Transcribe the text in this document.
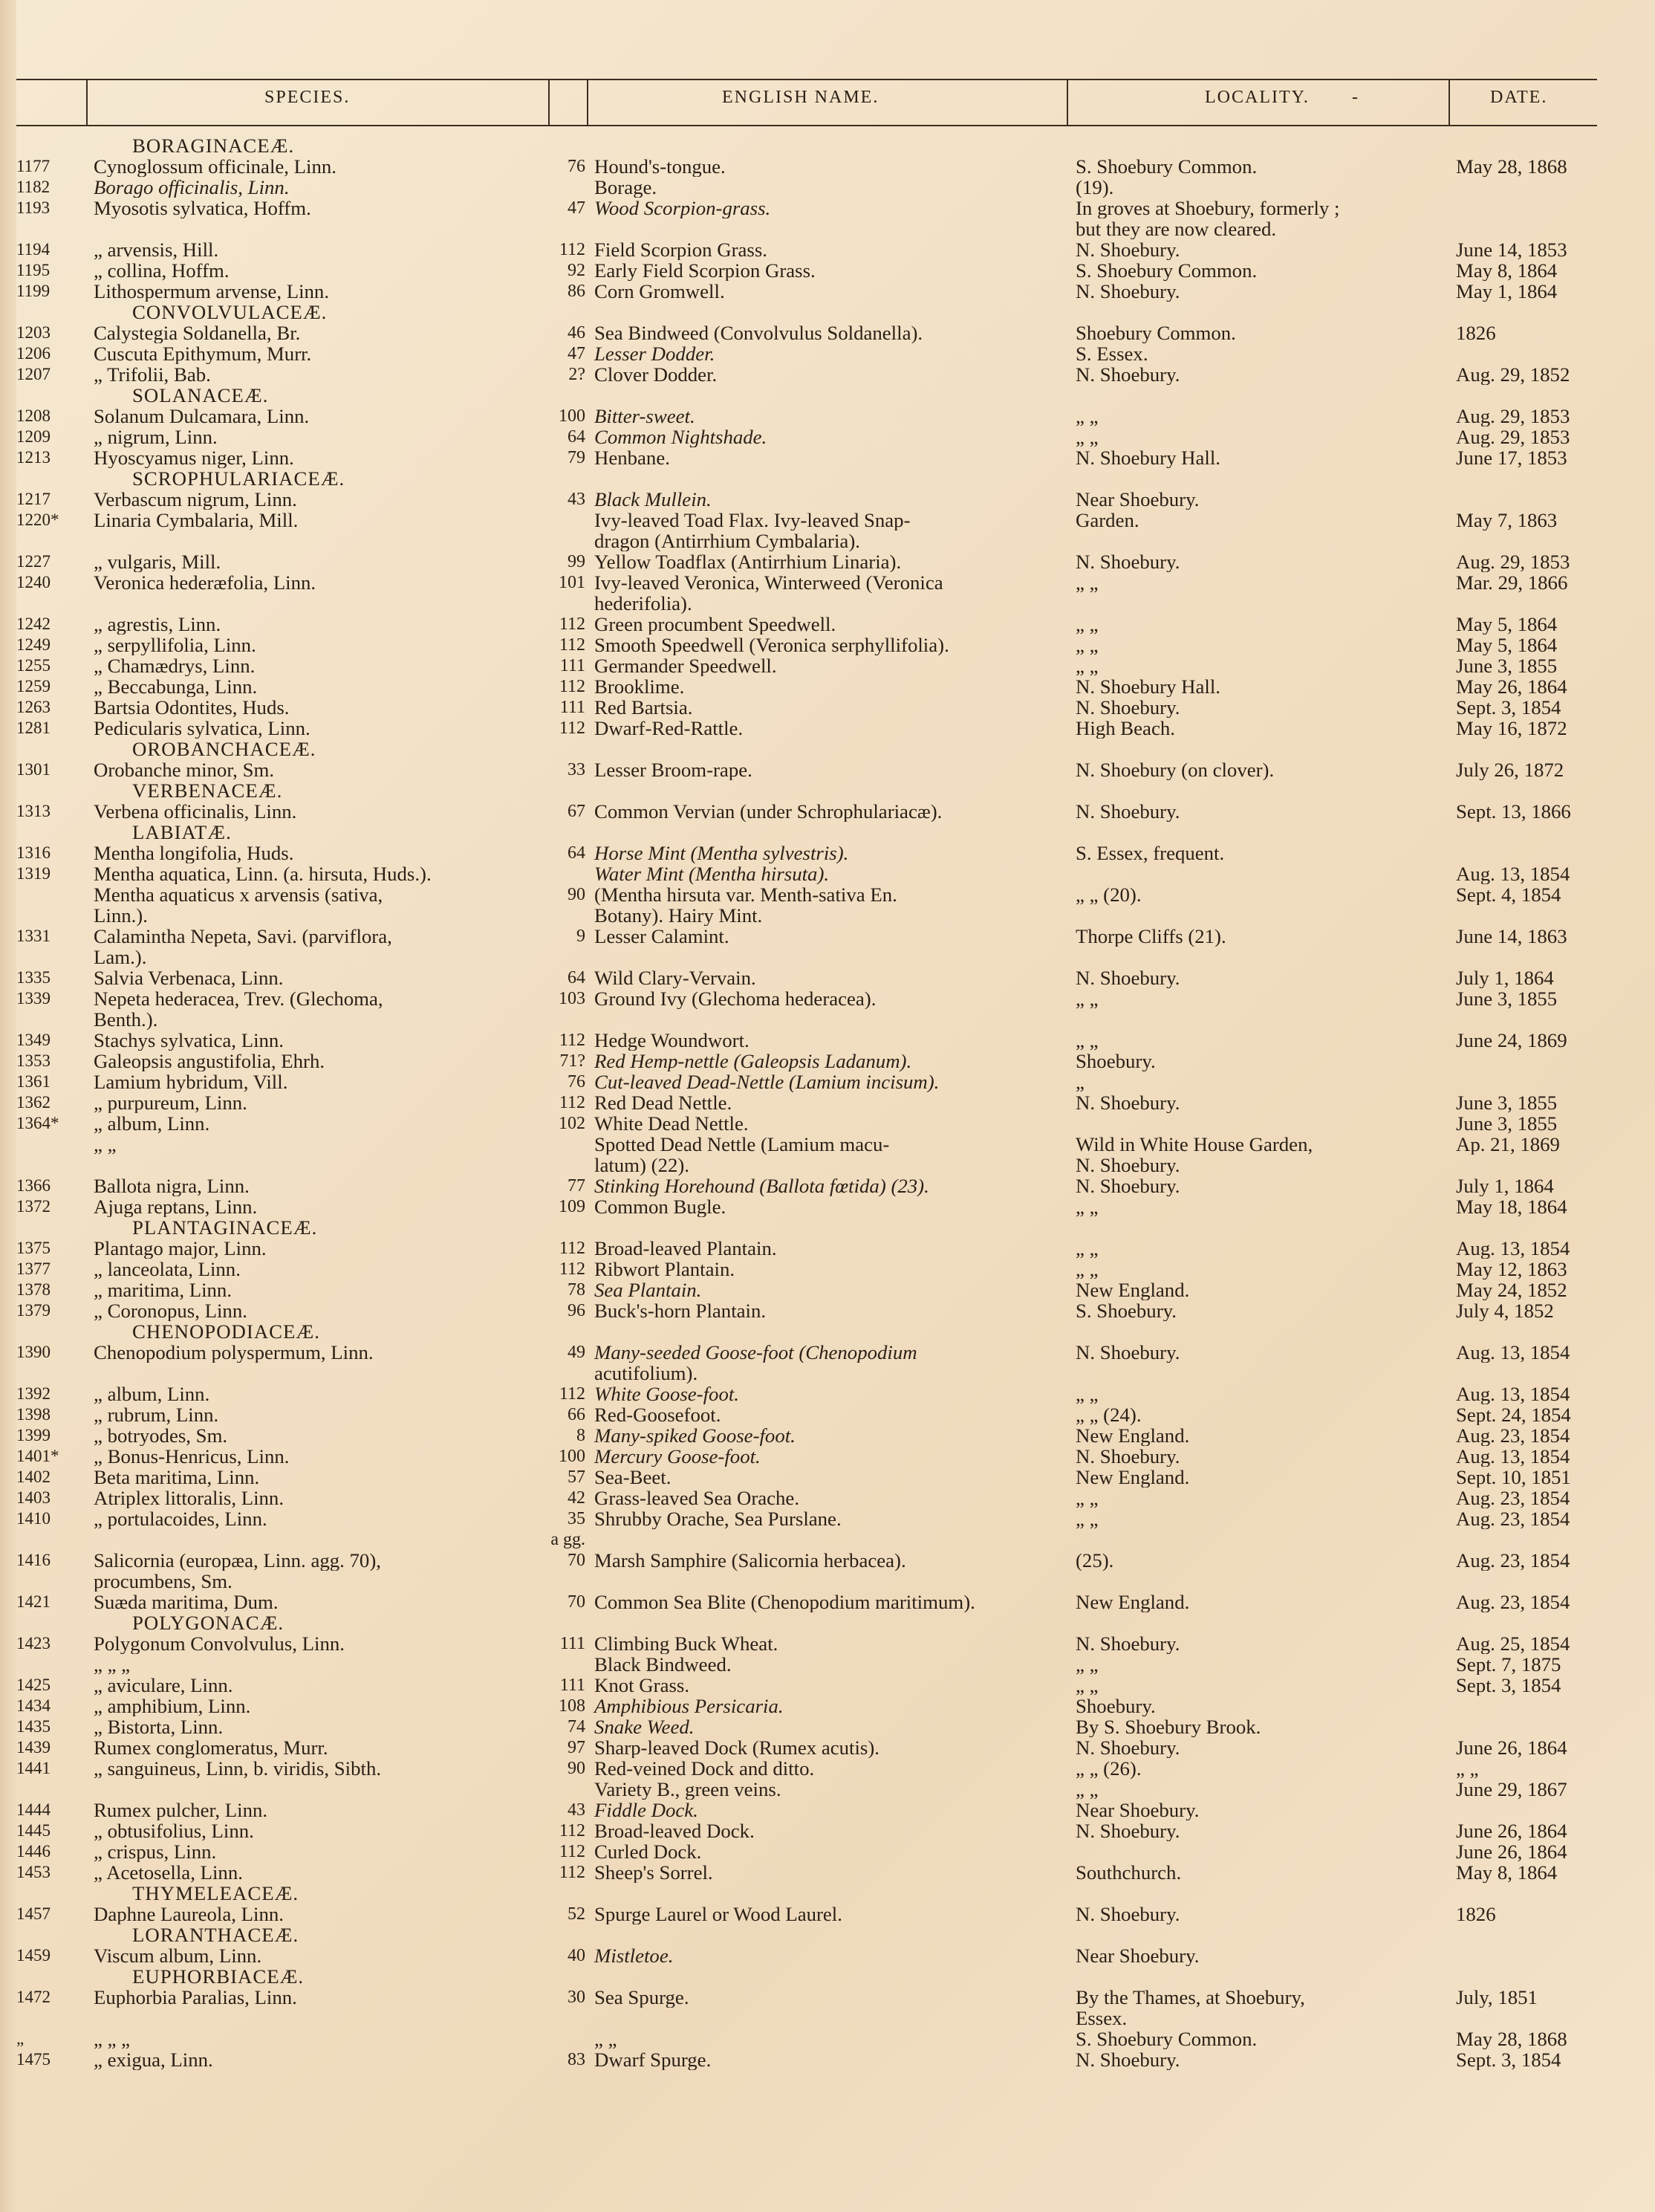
SPECIES.	ENGLISH NAME.	LOCALITY. -	DATE.
	BORAGINACEÆ.				
1177	Cynoglossum officinale, Linn.	76	Hound's-tongue.	S. Shoebury Common.	May 28, 1868
1182	Borago officinalis, Linn.		Borage.	(19).	
1193	Myosotis sylvatica, Hoffm.	47	Wood Scorpion-grass.	In groves at Shoebury, formerly ;	
				but they are now cleared.	
1194	„ arvensis, Hill.	112	Field Scorpion Grass.	N. Shoebury.	June 14, 1853
1195	„ collina, Hoffm.	92	Early Field Scorpion Grass.	S. Shoebury Common.	May 8, 1864
1199	Lithospermum arvense, Linn.	86	Corn Gromwell.	N. Shoebury.	May 1, 1864
	CONVOLVULACEÆ.				
1203	Calystegia Soldanella, Br.	46	Sea Bindweed (Convolvulus Soldanella).	Shoebury Common.	1826
1206	Cuscuta Epithymum, Murr.	47	Lesser Dodder.	S. Essex.	
1207	„ Trifolii, Bab.	2?	Clover Dodder.	N. Shoebury.	Aug. 29, 1852
	SOLANACEÆ.				
1208	Solanum Dulcamara, Linn.	100	Bitter-sweet.	„ „	Aug. 29, 1853
1209	„ nigrum, Linn.	64	Common Nightshade.	„ „	Aug. 29, 1853
1213	Hyoscyamus niger, Linn.	79	Henbane.	N. Shoebury Hall.	June 17, 1853
	SCROPHULARIACEÆ.				
1217	Verbascum nigrum, Linn.	43	Black Mullein.	Near Shoebury.	
1220*	Linaria Cymbalaria, Mill.		Ivy-leaved Toad Flax. Ivy-leaved Snap-	Garden.	May 7, 1863
			dragon (Antirrhium Cymbalaria).		
1227	„ vulgaris, Mill.	99	Yellow Toadflax (Antirrhium Linaria).	N. Shoebury.	Aug. 29, 1853
1240	Veronica hederæfolia, Linn.	101	Ivy-leaved Veronica, Winterweed (Veronica	„ „	Mar. 29, 1866
			hederifolia).		
1242	„ agrestis, Linn.	112	Green procumbent Speedwell.	„ „	May 5, 1864
1249	„ serpyllifolia, Linn.	112	Smooth Speedwell (Veronica serphyllifolia).	„ „	May 5, 1864
1255	„ Chamædrys, Linn.	111	Germander Speedwell.	„ „	June 3, 1855
1259	„ Beccabunga, Linn.	112	Brooklime.	N. Shoebury Hall.	May 26, 1864
1263	Bartsia Odontites, Huds.	111	Red Bartsia.	N. Shoebury.	Sept. 3, 1854
1281	Pedicularis sylvatica, Linn.	112	Dwarf-Red-Rattle.	High Beach.	May 16, 1872
	OROBANCHACEÆ.				
1301	Orobanche minor, Sm.	33	Lesser Broom-rape.	N. Shoebury (on clover).	July 26, 1872
	VERBENACEÆ.				
1313	Verbena officinalis, Linn.	67	Common Vervian (under Schrophulariacæ).	N. Shoebury.	Sept. 13, 1866
	LABIATÆ.				
1316	Mentha longifolia, Huds.	64	Horse Mint (Mentha sylvestris).	S. Essex, frequent.	
1319	Mentha aquatica, Linn. (a. hirsuta, Huds.).		Water Mint (Mentha hirsuta).		Aug. 13, 1854
	Mentha aquaticus x arvensis (sativa,	90	(Mentha hirsuta var. Menth-sativa En.	„ „ (20).	Sept. 4, 1854
	Linn.).		Botany). Hairy Mint.		
1331	Calamintha Nepeta, Savi. (parviflora,	9	Lesser Calamint.	Thorpe Cliffs (21).	June 14, 1863
	Lam.).				
1335	Salvia Verbenaca, Linn.	64	Wild Clary-Vervain.	N. Shoebury.	July 1, 1864
1339	Nepeta hederacea, Trev. (Glechoma,	103	Ground Ivy (Glechoma hederacea).	„ „	June 3, 1855
	Benth.).				
1349	Stachys sylvatica, Linn.	112	Hedge Woundwort.	„ „	June 24, 1869
1353	Galeopsis angustifolia, Ehrh.	71?	Red Hemp-nettle (Galeopsis Ladanum).	Shoebury.	
1361	Lamium hybridum, Vill.	76	Cut-leaved Dead-Nettle (Lamium incisum).	„	
1362	„ purpureum, Linn.	112	Red Dead Nettle.	N. Shoebury.	June 3, 1855
1364*	„ album, Linn.	102	White Dead Nettle.		June 3, 1855
	„ „		Spotted Dead Nettle (Lamium macu-	Wild in White House Garden,	Ap. 21, 1869
			latum) (22).	N. Shoebury.	
1366	Ballota nigra, Linn.	77	Stinking Horehound (Ballota fœtida) (23).	N. Shoebury.	July 1, 1864
1372	Ajuga reptans, Linn.	109	Common Bugle.	„ „	May 18, 1864
	PLANTAGINACEÆ.				
1375	Plantago major, Linn.	112	Broad-leaved Plantain.	„ „	Aug. 13, 1854
1377	„ lanceolata, Linn.	112	Ribwort Plantain.	„ „	May 12, 1863
1378	„ maritima, Linn.	78	Sea Plantain.	New England.	May 24, 1852
1379	„ Coronopus, Linn.	96	Buck's-horn Plantain.	S. Shoebury.	July 4, 1852
	CHENOPODIACEÆ.				
1390	Chenopodium polyspermum, Linn.	49	Many-seeded Goose-foot (Chenopodium	N. Shoebury.	Aug. 13, 1854
			acutifolium).		
1392	„ album, Linn.	112	White Goose-foot.	„ „	Aug. 13, 1854
1398	„ rubrum, Linn.	66	Red-Goosefoot.	„ „ (24).	Sept. 24, 1854
1399	„ botryodes, Sm.	8	Many-spiked Goose-foot.	New England.	Aug. 23, 1854
1401*	„ Bonus-Henricus, Linn.	100	Mercury Goose-foot.	N. Shoebury.	Aug. 13, 1854
1402	Beta maritima, Linn.	57	Sea-Beet.	New England.	Sept. 10, 1851
1403	Atriplex littoralis, Linn.	42	Grass-leaved Sea Orache.	„ „	Aug. 23, 1854
1410	„ portulacoides, Linn.	35	Shrubby Orache, Sea Purslane.	„ „	Aug. 23, 1854
		a gg.			
1416	Salicornia (europæa, Linn. agg. 70),	70	Marsh Samphire (Salicornia herbacea).	(25).	Aug. 23, 1854
	procumbens, Sm.				
1421	Suæda maritima, Dum.	70	Common Sea Blite (Chenopodium maritimum).	New England.	Aug. 23, 1854
	POLYGONACÆ.				
1423	Polygonum Convolvulus, Linn.	111	Climbing Buck Wheat.	N. Shoebury.	Aug. 25, 1854
	„ „ „		Black Bindweed.	„ „	Sept. 7, 1875
1425	„ aviculare, Linn.	111	Knot Grass.	„ „	Sept. 3, 1854
1434	„ amphibium, Linn.	108	Amphibious Persicaria.	Shoebury.	
1435	„ Bistorta, Linn.	74	Snake Weed.	By S. Shoebury Brook.	
1439	Rumex conglomeratus, Murr.	97	Sharp-leaved Dock (Rumex acutis).	N. Shoebury.	June 26, 1864
1441	„ sanguineus, Linn, b. viridis, Sibth.	90	Red-veined Dock and ditto.	„ „ (26).	„ „
			Variety B., green veins.	„ „	June 29, 1867
1444	Rumex pulcher, Linn.	43	Fiddle Dock.	Near Shoebury.	
1445	„ obtusifolius, Linn.	112	Broad-leaved Dock.	N. Shoebury.	June 26, 1864
1446	„ crispus, Linn.	112	Curled Dock.		June 26, 1864
1453	„ Acetosella, Linn.	112	Sheep's Sorrel.	Southchurch.	May 8, 1864
	THYMELEACEÆ.				
1457	Daphne Laureola, Linn.	52	Spurge Laurel or Wood Laurel.	N. Shoebury.	1826
	LORANTHACEÆ.				
1459	Viscum album, Linn.	40	Mistletoe.	Near Shoebury.	
	EUPHORBIACEÆ.				
1472	Euphorbia Paralias, Linn.	30	Sea Spurge.	By the Thames, at Shoebury,	July, 1851
				Essex.	
„	„ „ „		„ „	S. Shoebury Common.	May 28, 1868
1475	„ exigua, Linn.	83	Dwarf Spurge.	N. Shoebury.	Sept. 3, 1854
